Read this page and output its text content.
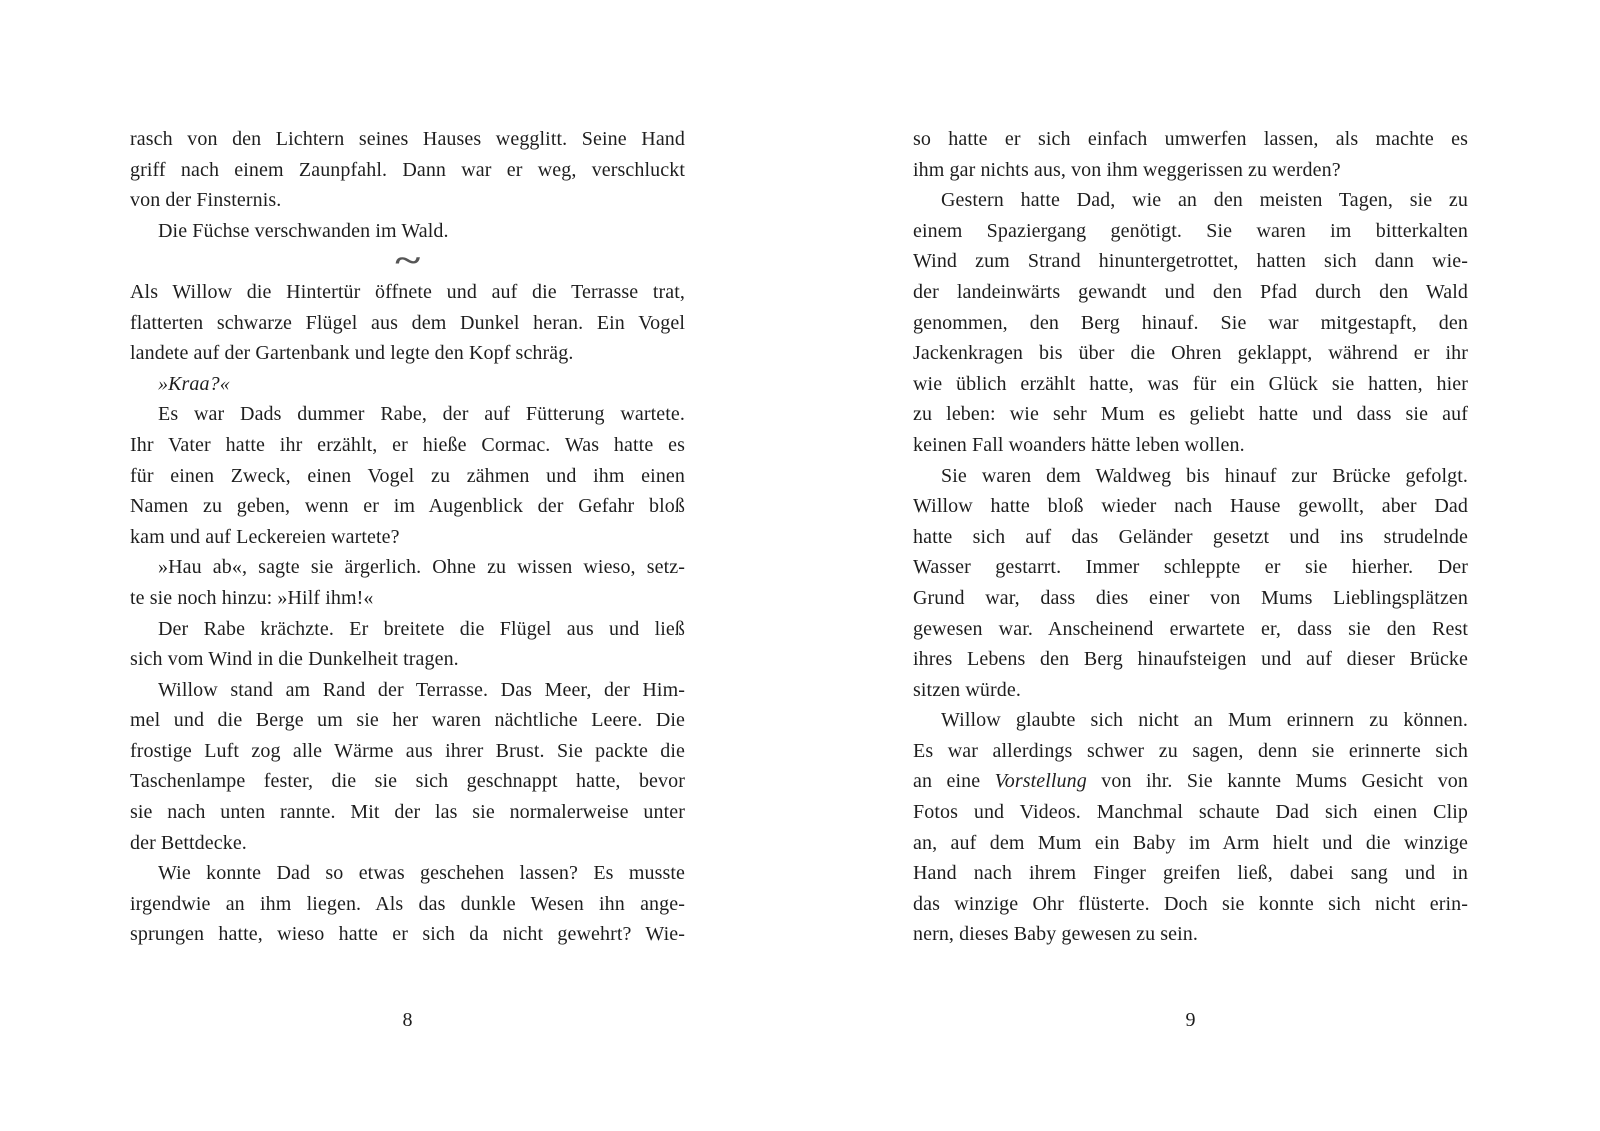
rasch von den Lichtern seines Hauses wegglitt. Seine Hand
griff nach einem Zaunpfahl. Dann war er weg, verschluckt
von der Finsternis.
Die Füchse verschwanden im Wald.
~
Als Willow die Hintertür öffnete und auf die Terrasse trat,
flatterten schwarze Flügel aus dem Dunkel heran. Ein Vogel
landete auf der Gartenbank und legte den Kopf schräg.
»Kraa?«
Es war Dads dummer Rabe, der auf Fütterung wartete.
Ihr Vater hatte ihr erzählt, er hieße Cormac. Was hatte es
für einen Zweck, einen Vogel zu zähmen und ihm einen
Namen zu geben, wenn er im Augenblick der Gefahr bloß
kam und auf Leckereien wartete?
»Hau ab«, sagte sie ärgerlich. Ohne zu wissen wieso, setz-
te sie noch hinzu: »Hilf ihm!«
Der Rabe krächzte. Er breitete die Flügel aus und ließ
sich vom Wind in die Dunkelheit tragen.
Willow stand am Rand der Terrasse. Das Meer, der Him-
mel und die Berge um sie her waren nächtliche Leere. Die
frostige Luft zog alle Wärme aus ihrer Brust. Sie packte die
Taschenlampe fester, die sie sich geschnappt hatte, bevor
sie nach unten rannte. Mit der las sie normalerweise unter
der Bettdecke.
Wie konnte Dad so etwas geschehen lassen? Es musste
irgendwie an ihm liegen. Als das dunkle Wesen ihn ange-
sprungen hatte, wieso hatte er sich da nicht gewehrt? Wie-
8
so hatte er sich einfach umwerfen lassen, als machte es
ihm gar nichts aus, von ihm weggerissen zu werden?
Gestern hatte Dad, wie an den meisten Tagen, sie zu
einem Spaziergang genötigt. Sie waren im bitterkalten
Wind zum Strand hinuntergetrottet, hatten sich dann wie-
der landeinwärts gewandt und den Pfad durch den Wald
genommen, den Berg hinauf. Sie war mitgestapft, den
Jackenkragen bis über die Ohren geklappt, während er ihr
wie üblich erzählt hatte, was für ein Glück sie hatten, hier
zu leben: wie sehr Mum es geliebt hatte und dass sie auf
keinen Fall woanders hätte leben wollen.
Sie waren dem Waldweg bis hinauf zur Brücke gefolgt.
Willow hatte bloß wieder nach Hause gewollt, aber Dad
hatte sich auf das Geländer gesetzt und ins strudelnde
Wasser gestarrt. Immer schleppte er sie hierher. Der
Grund war, dass dies einer von Mums Lieblingsplätzen
gewesen war. Anscheinend erwartete er, dass sie den Rest
ihres Lebens den Berg hinaufsteigen und auf dieser Brücke
sitzen würde.
Willow glaubte sich nicht an Mum erinnern zu können.
Es war allerdings schwer zu sagen, denn sie erinnerte sich
an eine Vorstellung von ihr. Sie kannte Mums Gesicht von
Fotos und Videos. Manchmal schaute Dad sich einen Clip
an, auf dem Mum ein Baby im Arm hielt und die winzige
Hand nach ihrem Finger greifen ließ, dabei sang und in
das winzige Ohr flüsterte. Doch sie konnte sich nicht erin-
nern, dieses Baby gewesen zu sein.
9
